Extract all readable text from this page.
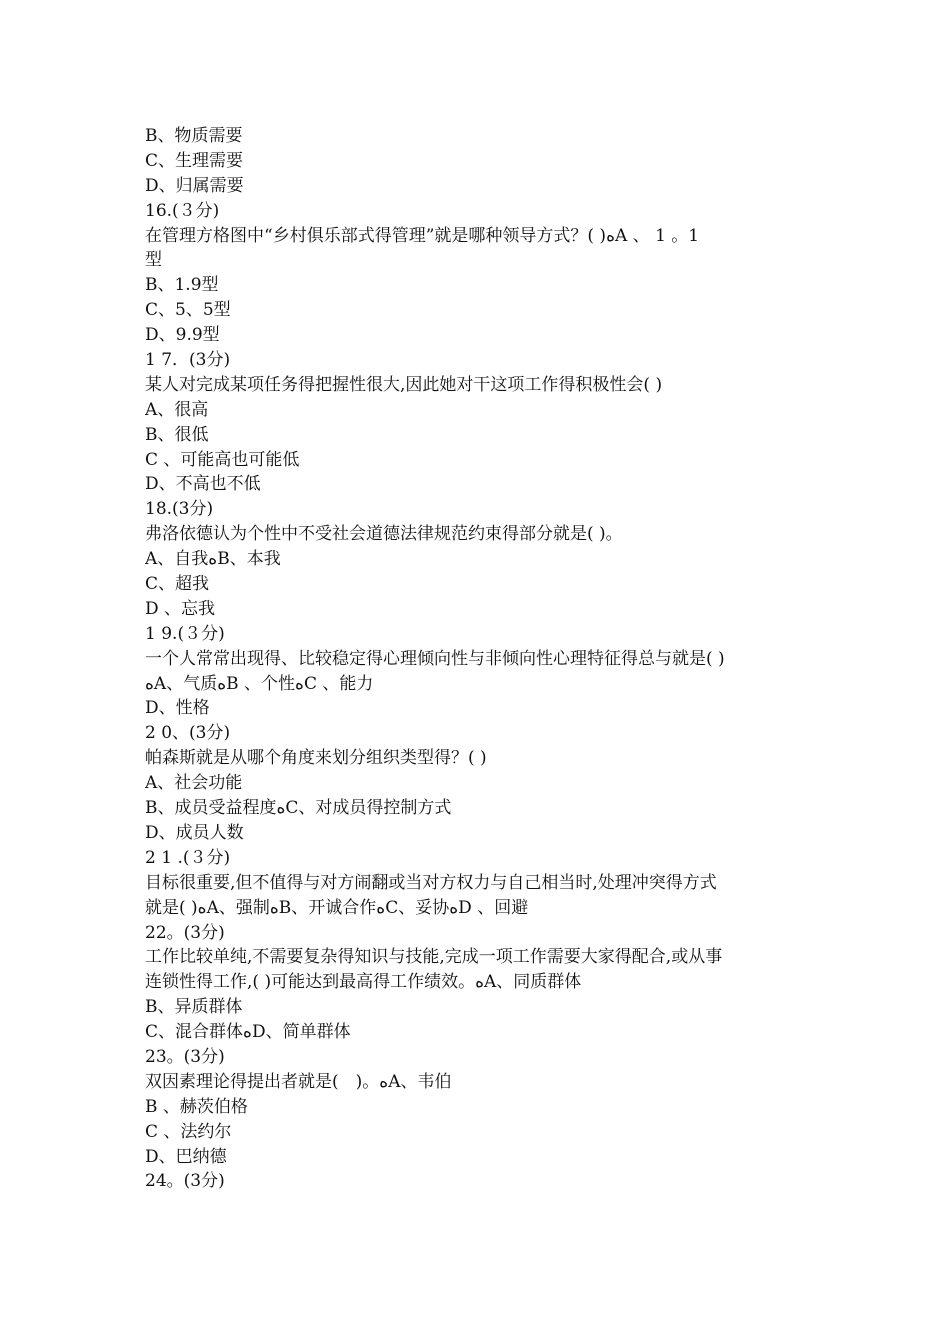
B、物质需要
C、生理需要
D、归属需要
16.(３分)
在管理方格图中“乡村俱乐部式得管理”就是哪种领导方式？( )ﻩA 、 1 。1
型
B、1.9型
C、5、5型
D、9.9型
1 7．(3分)
某人对完成某项任务得把握性很大,因此她对干这项工作得积极性会( )
A、很高
B、很低
C 、可能高也可能低
D、不高也不低
18.(3分)
弗洛依德认为个性中不受社会道德法律规范约束得部分就是( )。
A、自我ﻩB、本我
C、超我
D 、忘我
1 9.(３分)
一个人常常出现得、比较稳定得心理倾向性与非倾向性心理特征得总与就是( )
ﻩA、气质ﻩB 、个性ﻩC 、能力
D、性格
2 0、(3分)
帕森斯就是从哪个角度来划分组织类型得？( )
A、社会功能
B、成员受益程度ﻩC、对成员得控制方式
D、成员人数
2 1 .(３分)
目标很重要,但不值得与对方闹翻或当对方权力与自己相当时,处理冲突得方式
就是( )ﻩA、强制ﻩB、开诚合作ﻩC、妥协ﻩD 、回避
22。(3分)
工作比较单纯,不需要复杂得知识与技能,完成一项工作需要大家得配合,或从事
连锁性得工作,( )可能达到最高得工作绩效。ﻩA、同质群体
B、异质群体
C、混合群体ﻩD、简单群体
23。(3分)
双因素理论得提出者就是(　)。ﻩA、韦伯
B 、赫茨伯格
C 、法约尔
D、巴纳德
24。(3分)
